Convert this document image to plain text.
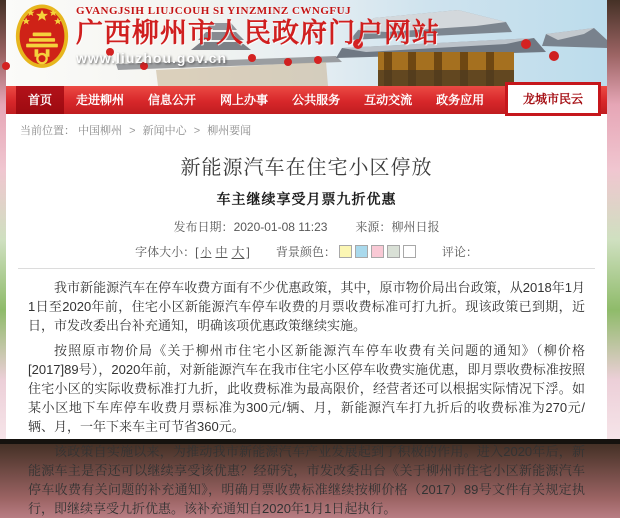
GVANGJSIH LIUJCOUH SI YINZMINZ CWNGFUJ
广西柳州市人民政府门户网站
www.liuzhou.gov.cn
首页	走进柳州	信息公开	网上办事	公共服务	互动交流	政务应用	龙城市民云
当前位置： 中国柳州 > 新闻中心 > 柳州要闻
新能源汽车在住宅小区停放
车主继续享受月票九折优惠
发布日期：2020-01-08 11:23 来源：柳州日报
字体大小：[ 小 中 大 ] 背景颜色：	评论：

我市新能源汽车在停车收费方面有不少优惠政策，其中，原市物价局出台政策，从2018年1月1日至2020年前，住宅小区新能源汽车停车收费的月票收费标准可打九折。现该政策已到期，近日，市发改委出台补充通知，明确该项优惠政策继续实施。

按照原市物价局《关于柳州市住宅小区新能源汽车停车收费有关问题的通知》（柳价格[2017]89号），2020年前，对新能源汽车在我市住宅小区停车收费实施优惠，即月票收费标准按照住宅小区的实际收费标准打九折，此收费标准为最高限价，经营者还可以根据实际情况下浮。如某小区地下车库停车收费月票标准为300元/辆、月，新能源汽车打九折后的收费标准为270元/辆、月，一年下来车主可节省360元。

该政策自实施以来，为推动我市新能源汽车产业发展起到了积极的作用。进入2020年后，新能源车主是否还可以继续享受该优惠？经研究，市发改委出台《关于柳州市住宅小区新能源汽车停车收费有关问题的补充通知》，明确月票收费标准继续按柳价格（2017）89号文件有关规定执行，即继续享受九折优惠。该补充通知自2020年1月1日起执行。
